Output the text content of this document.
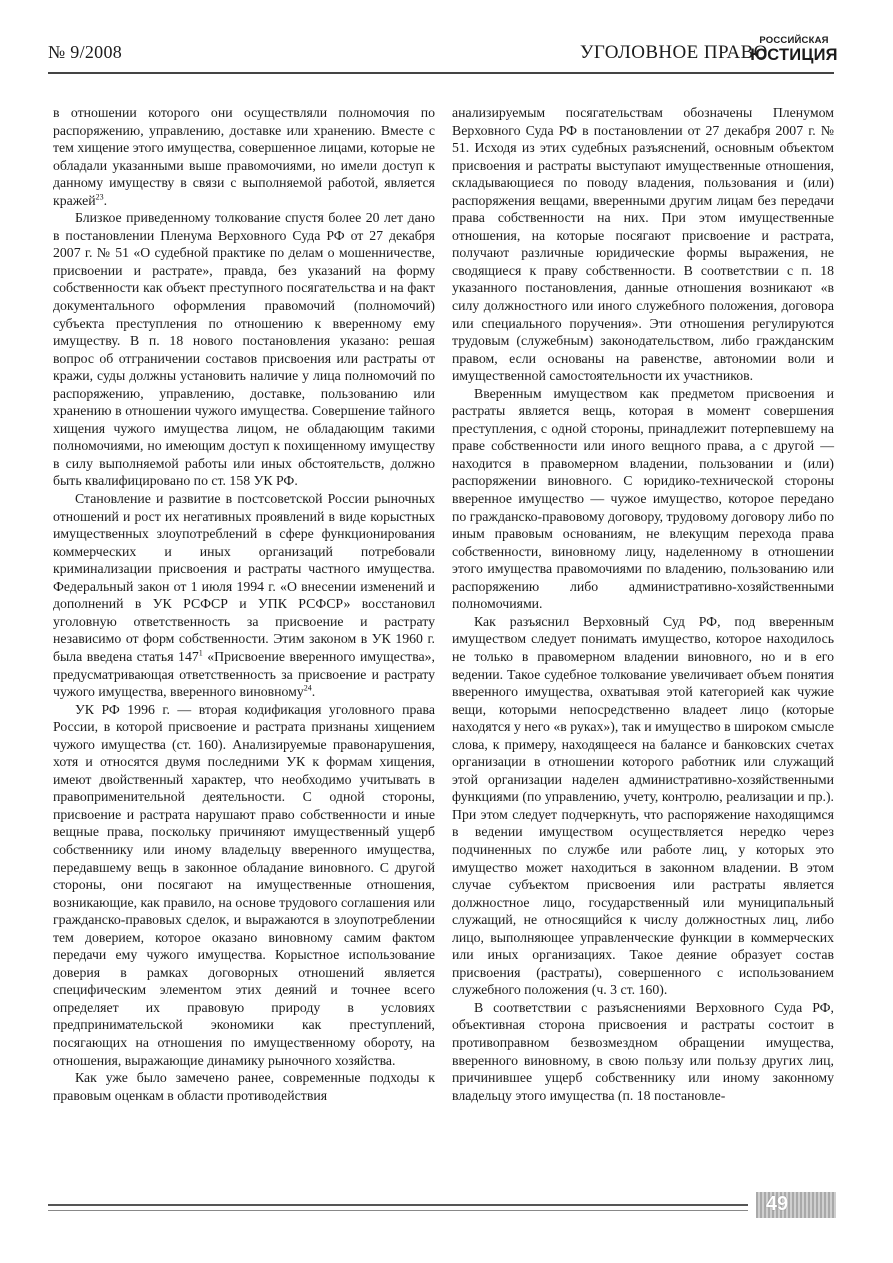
№ 9/2008	УГОЛОВНОЕ ПРАВО
РОССИЙСКАЯ
ЮСТИЦИЯ

в отношении которого они осуществляли полномочия по распоряжению, управлению, доставке или хранению. Вместе с тем хищение этого имущества, совершенное лицами, которые не обладали указанными выше правомочиями, но имели доступ к данному имуществу в связи с выполняемой работой, является кражей$^{23}$.

Близкое приведенному толкование спустя более 20 лет дано в постановлении Пленума Верховного Суда РФ от 27 декабря 2007 г. № 51 «О судебной практике по делам о мошенничестве, присвоении и растрате», правда, без указаний на форму собственности как объект преступного посягательства и на факт документального оформления правомочий (полномочий) субъекта преступления по отношению к вверенному ему имуществу. В п. 18 нового постановления указано: решая вопрос об отграничении составов присвоения или растраты от кражи, суды должны установить наличие у лица полномочий по распоряжению, управлению, доставке, пользованию или хранению в отношении чужого имущества. Совершение тайного хищения чужого имущества лицом, не обладающим такими полномочиями, но имеющим доступ к похищенному имуществу в силу выполняемой работы или иных обстоятельств, должно быть квалифицировано по ст. 158 УК РФ.

Становление и развитие в постсоветской России рыночных отношений и рост их негативных проявлений в виде корыстных имущественных злоупотреблений в сфере функционирования коммерческих и иных организаций потребовали криминализации присвоения и растраты частного имущества. Федеральный закон от 1 июля 1994 г. «О внесении изменений и дополнений в УК РСФСР и УПК РСФСР» восстановил уголовную ответственность за присвоение и растрату независимо от форм собственности. Этим законом в УК 1960 г. была введена статья $147^1$ «Присвоение вверенного имущества», предусматривающая ответственность за присвоение и растрату чужого имущества, вверенного виновному$^{24}$.

УК РФ 1996 г. — вторая кодификация уголовного права России, в которой присвоение и растрата признаны хищением чужого имущества (ст. 160). Анализируемые правонарушения, хотя и относятся двумя последними УК к формам хищения, имеют двойственный характер, что необходимо учитывать в правоприменительной деятельности. С одной стороны, присвоение и растрата нарушают право собственности и иные вещные права, поскольку причиняют имущественный ущерб собственнику или иному владельцу вверенного имущества, передавшему вещь в законное обладание виновного. С другой стороны, они посягают на имущественные отношения, возникающие, как правило, на основе трудового соглашения или гражданско-правовых сделок, и выражаются в злоупотреблении тем доверием, которое оказано виновному самим фактом передачи ему чужого имущества. Корыстное использование доверия в рамках договорных отношений является специфическим элементом этих деяний и точнее всего определяет их правовую природу в условиях предпринимательской экономики как преступлений, посягающих на отношения по имущественному обороту, на отношения, выражающие динамику рыночного хозяйства.

Как уже было замечено ранее, современные подходы к правовым оценкам в области противодействия

анализируемым посягательствам обозначены Пленумом Верховного Суда РФ в постановлении от 27 декабря 2007 г. № 51. Исходя из этих судебных разъяснений, основным объектом присвоения и растраты выступают имущественные отношения, складывающиеся по поводу владения, пользования и (или) распоряжения вещами, вверенными другим лицам без передачи права собственности на них. При этом имущественные отношения, на которые посягают присвоение и растрата, получают различные юридические формы выражения, не сводящиеся к праву собственности. В соответствии с п. 18 указанного постановления, данные отношения возникают «в силу должностного или иного служебного положения, договора или специального поручения». Эти отношения регулируются трудовым (служебным) законодательством, либо гражданским правом, если основаны на равенстве, автономии воли и имущественной самостоятельности их участников.

Вверенным имуществом как предметом присвоения и растраты является вещь, которая в момент совершения преступления, с одной стороны, принадлежит потерпевшему на праве собственности или иного вещного права, а с другой — находится в правомерном владении, пользовании и (или) распоряжении виновного. С юридико-технической стороны вверенное имущество — чужое имущество, которое передано по гражданско-правовому договору, трудовому договору либо по иным правовым основаниям, не влекущим перехода права собственности, виновному лицу, наделенному в отношении этого имущества правомочиями по владению, пользованию или распоряжению либо административно-хозяйственными полномочиями.

Как разъяснил Верховный Суд РФ, под вверенным имуществом следует понимать имущество, которое находилось не только в правомерном владении виновного, но и в его ведении. Такое судебное толкование увеличивает объем понятия вверенного имущества, охватывая этой категорией как чужие вещи, которыми непосредственно владеет лицо (которые находятся у него «в руках»), так и имущество в широком смысле слова, к примеру, находящееся на балансе и банковских счетах организации в отношении которого работник или служащий этой организации наделен административно-хозяйственными функциями (по управлению, учету, контролю, реализации и пр.). При этом следует подчеркнуть, что распоряжение находящимся в ведении имуществом осуществляется нередко через подчиненных по службе или работе лиц, у которых это имущество может находиться в законном владении. В этом случае субъектом присвоения или растраты является должностное лицо, государственный или муниципальный служащий, не относящийся к числу должностных лиц, либо лицо, выполняющее управленческие функции в коммерческих или иных организациях. Такое деяние образует состав присвоения (растраты), совершенного с использованием служебного положения (ч. 3 ст. 160).

В соответствии с разъяснениями Верховного Суда РФ, объективная сторона присвоения и растраты состоит в противоправном безвозмездном обращении имущества, вверенного виновному, в свою пользу или пользу других лиц, причинившее ущерб собственнику или иному законному владельцу этого имущества (п. 18 постановле-

49
